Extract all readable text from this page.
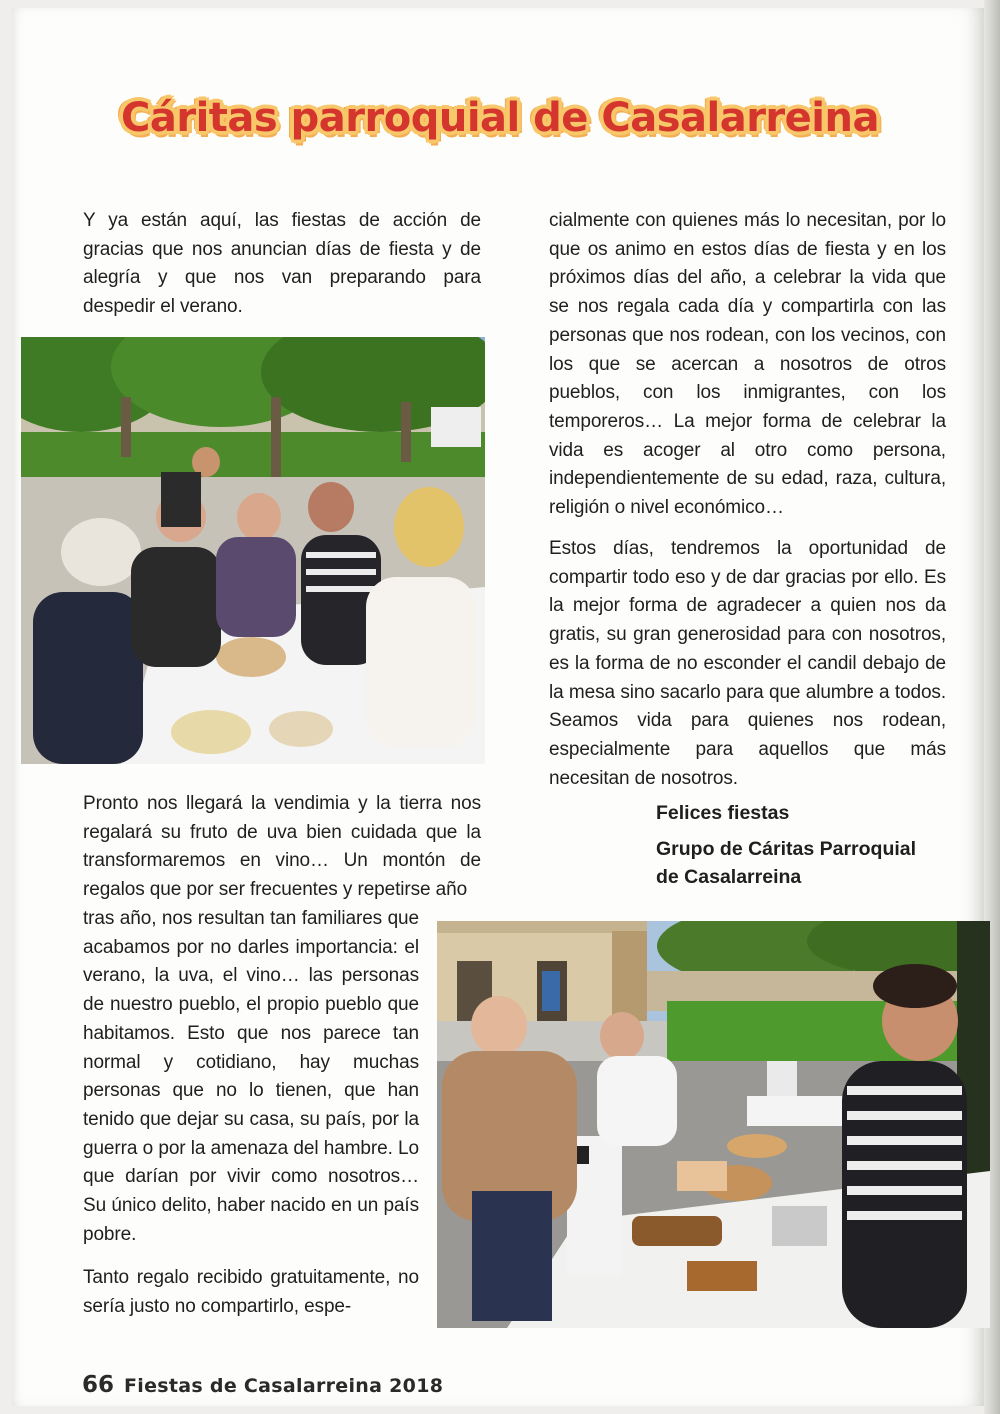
Cáritas parroquial de Casalarreina

Y ya están aquí, las fiestas de acción de gracias que nos anuncian días de fiesta y de alegría y que nos van preparando para despedir el verano.

Pronto nos llegará la vendimia y la tierra nos regalará su fruto de uva bien cuidada que la transformaremos en vino… Un montón de regalos que por ser frecuentes y repetirse año

tras año, nos resultan tan familiares que acabamos por no darles importancia: el verano, la uva, el vino… las personas de nuestro pueblo, el propio pueblo que habitamos. Esto que nos parece tan normal y cotidiano, hay muchas personas que no lo tienen, que han tenido que dejar su casa, su país, por la guerra o por la amenaza del hambre. Lo que darían por vivir como nosotros… Su único delito, haber nacido en un país pobre.

Tanto regalo recibido gratuitamente, no sería justo no compartirlo, espe-

cialmente con quienes más lo necesitan, por lo que os animo en estos días de fiesta y en los próximos días del año, a celebrar la vida que se nos regala cada día y compartirla con las personas que nos rodean, con los vecinos, con los que se acercan a nosotros de otros pueblos, con los inmigrantes, con los temporeros… La mejor forma de celebrar la vida es acoger al otro como persona, independientemente de su edad, raza, cultura, religión o nivel económico…

Estos días, tendremos la oportunidad de compartir todo eso y de dar gracias por ello. Es la mejor forma de agradecer a quien nos da gratis, su gran generosidad para con nosotros, es la forma de no esconder el candil debajo de la mesa sino sacarlo para que alumbre a todos. Seamos vida para quienes nos rodean, especialmente para aquellos que más necesitan de nosotros.

Felices fiestas

Grupo de Cáritas Parroquial

de Casalarreina

66 Fiestas de Casalarreina 2018
